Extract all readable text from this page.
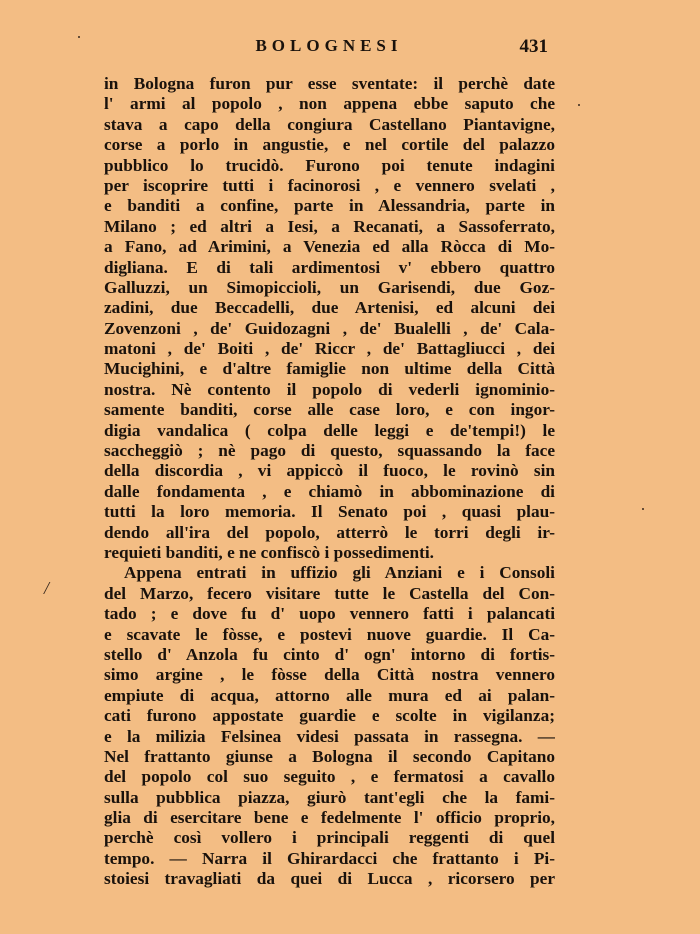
BOLOGNESI	431
in Bologna furon pur esse sventate: il perchè date
l' armi al popolo , non appena ebbe saputo che
stava a capo della congiura Castellano Piantavigne,
corse a porlo in angustie, e nel cortile del palazzo
pubblico lo trucidò. Furono poi tenute indagini
per iscoprire tutti i facinorosi , e vennero svelati ,
e banditi a confine, parte in Alessandria, parte in
Milano ; ed altri a Iesi, a Recanati, a Sassoferrato,
a Fano, ad Arimini, a Venezia ed alla Ròcca di Mo-
digliana. E di tali ardimentosi v' ebbero quattro
Galluzzi, un Simopiccioli, un Garisendi, due Goz-
zadini, due Beccadelli, due Artenisi, ed alcuni dei
Zovenzoni , de' Guidozagni , de' Bualelli , de' Cala-
matoni , de' Boiti , de' Riccr , de' Battagliucci , dei
Mucighini, e d'altre famiglie non ultime della Città
nostra. Nè contento il popolo di vederli ignominio-
samente banditi, corse alle case loro, e con ingor-
digia vandalica ( colpa delle leggi e de'tempi!) le
saccheggiò ; nè pago di questo, squassando la face
della discordia , vi appiccò il fuoco, le rovinò sin
dalle fondamenta , e chiamò in abbominazione di
tutti la loro memoria. Il Senato poi , quasi plau-
dendo all'ira del popolo, atterrò le torri degli ir-
requieti banditi, e ne confiscò i possedimenti.
Appena entrati in uffizio gli Anziani e i Consoli
del Marzo, fecero visitare tutte le Castella del Con-
tado ; e dove fu d' uopo vennero fatti i palancati
e scavate le fòsse, e postevi nuove guardie. Il Ca-
stello d' Anzola fu cinto d' ogn' intorno di fortis-
simo argine , le fòsse della Città nostra vennero
empiute di acqua, attorno alle mura ed ai palan-
cati furono appostate guardie e scolte in vigilanza;
e la milizia Felsinea videsi passata in rassegna. —
Nel frattanto giunse a Bologna il secondo Capitano
del popolo col suo seguito , e fermatosi a cavallo
sulla pubblica piazza, giurò tant'egli che la fami-
glia di esercitare bene e fedelmente l' officio proprio,
perchè così vollero i principali reggenti di quel
tempo. — Narra il Ghirardacci che frattanto i Pi-
stoiesi travagliati da quei di Lucca , ricorsero per
/
